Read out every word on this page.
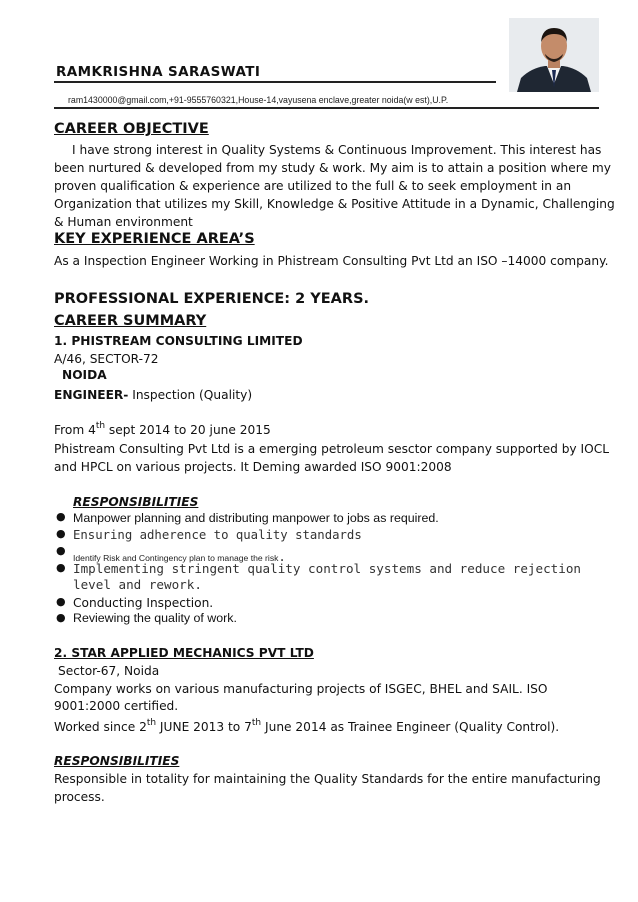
RAMKRISHNA SARASWATI
ram1430000@gmail.com,+91-9555760321,House-14,vayusena enclave,greater noida(w est),U.P.
CAREER OBJECTIVE
I have strong interest in Quality Systems & Continuous Improvement. This interest has
been nurtured & developed from my study & work. My aim is to attain a position where my
proven qualification & experience are utilized to the full & to seek employment in an
Organization that utilizes my Skill, Knowledge & Positive Attitude in a Dynamic, Challenging
& Human environment
KEY EXPERIENCE AREA’S
As a Inspection Engineer Working in Phistream Consulting Pvt Ltd an ISO –14000 company.
PROFESSIONAL EXPERIENCE: 2 YEARS.
CAREER SUMMARY
1. PHISTREAM CONSULTING LIMITED
A/46, SECTOR-72
NOIDA
ENGINEER- Inspection (Quality)
From 4th sept 2014 to 20 june 2015
Phistream Consulting Pvt Ltd is a emerging petroleum sesctor company supported by IOCL
and HPCL on various projects. It Deming awarded ISO 9001:2008
RESPONSIBILITIES
● Manpower planning and distributing manpower to jobs as required.
● Ensuring adherence to quality standards
●
Identify Risk and Contingency plan to manage the risk.
● Implementing stringent quality control systems and reduce rejection
level and rework.
● Conducting Inspection.
● Reviewing the quality of work.
2. STAR APPLIED MECHANICS PVT LTD
Sector-67, Noida
Company works on various manufacturing projects of ISGEC, BHEL and SAIL. ISO
9001:2000 certified.
Worked since 2th JUNE 2013 to 7th June 2014 as Trainee Engineer (Quality Control).
RESPONSIBILITIES
Responsible in totality for maintaining the Quality Standards for the entire manufacturing
process.
